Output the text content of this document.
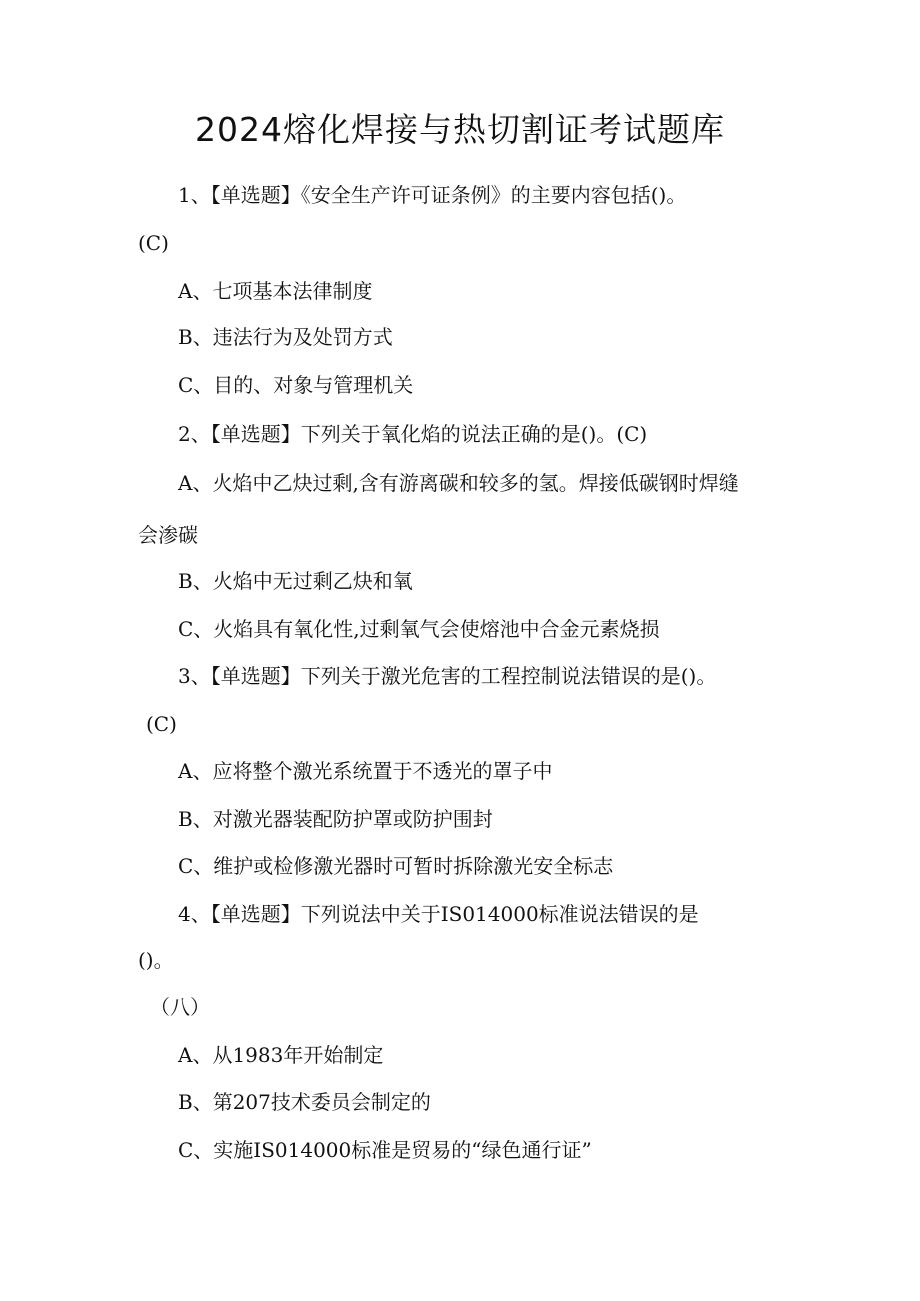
2024熔化焊接与热切割证考试题库
1、【单选题】《安全生产许可证条例》的主要内容包括()。
(C)
A、七项基本法律制度
B、违法行为及处罚方式
C、目的、对象与管理机关
2、【单选题】下列关于氧化焰的说法正确的是()。(C)
A、火焰中乙炔过剩,含有游离碳和较多的氢。焊接低碳钢时焊缝
会渗碳
B、火焰中无过剩乙炔和氧
C、火焰具有氧化性,过剩氧气会使熔池中合金元素烧损
3、【单选题】下列关于激光危害的工程控制说法错误的是()。
(C)
A、应将整个激光系统置于不透光的罩子中
B、对激光器装配防护罩或防护围封
C、维护或检修激光器时可暂时拆除激光安全标志
4、【单选题】下列说法中关于IS014000标准说法错误的是
()。
（八）
A、从1983年开始制定
B、第207技术委员会制定的
C、实施IS014000标准是贸易的“绿色通行证”
